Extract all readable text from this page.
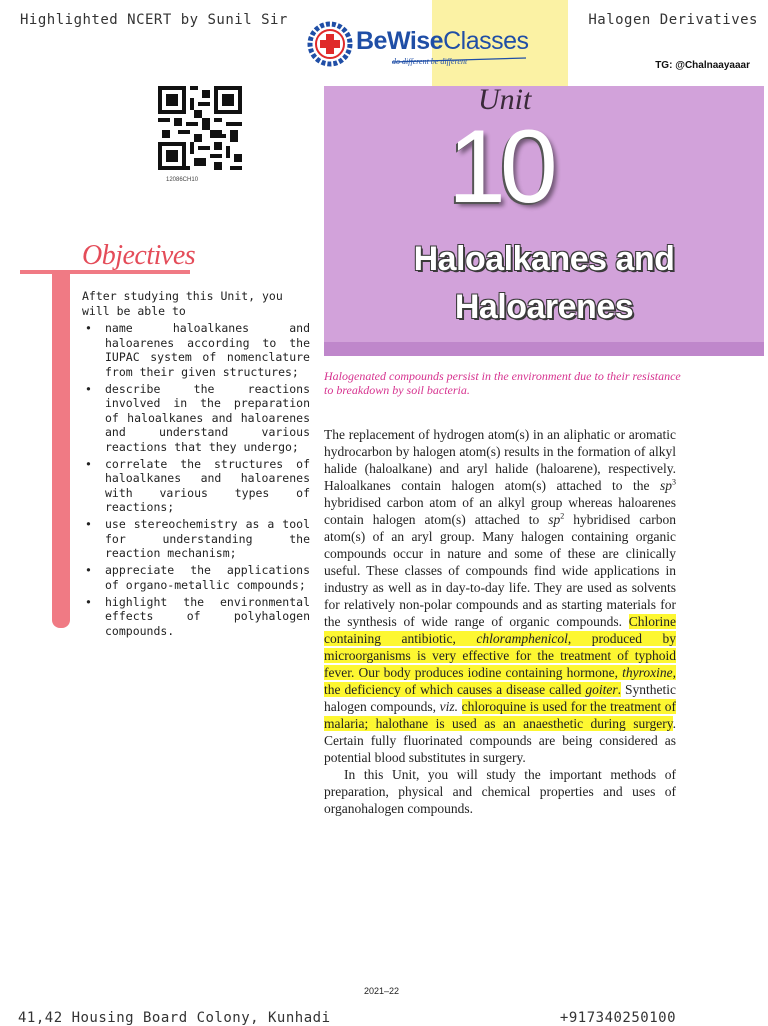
Highlighted NCERT by Sunil Sir	Halogen Derivatives
BeWiseClasses
do different be different	TG: @Chalnaayaaar
12086CH10
Unit
10
Haloalkanes and
Haloarenes
Objectives
After studying this Unit, you will be able to
• name haloalkanes and haloarenes according to the IUPAC system of nomenclature from their given structures;
• describe the reactions involved in the preparation of haloalkanes and haloarenes and understand various reactions that they undergo;
• correlate the structures of haloalkanes and haloarenes with various types of reactions;
• use stereochemistry as a tool for understanding the reaction mechanism;
• appreciate the applications of organo-metallic compounds;
• highlight the environmental effects of polyhalogen compounds.
Halogenated compounds persist in the environment due to their resistance to breakdown by soil bacteria.

The replacement of hydrogen atom(s) in an aliphatic or aromatic hydrocarbon by halogen atom(s) results in the formation of alkyl halide (haloalkane) and aryl halide (haloarene), respectively. Haloalkanes contain halogen atom(s) attached to the $sp^3$ hybridised carbon atom of an alkyl group whereas haloarenes contain halogen atom(s) attached to $sp^2$ hybridised carbon atom(s) of an aryl group. Many halogen containing organic compounds occur in nature and some of these are clinically useful. These classes of compounds find wide applications in industry as well as in day-to-day life. They are used as solvents for relatively non-polar compounds and as starting materials for the synthesis of wide range of organic compounds. Chlorine containing antibiotic, chloramphenicol, produced by microorganisms is very effective for the treatment of typhoid fever. Our body produces iodine containing hormone, thyroxine, the deficiency of which causes a disease called goiter. Synthetic halogen compounds, viz. chloroquine is used for the treatment of malaria; halothane is used as an anaesthetic during surgery. Certain fully fluorinated compounds are being considered as potential blood substitutes in surgery.

In this Unit, you will study the important methods of preparation, physical and chemical properties and uses of organohalogen compounds.

2021–22
41,42 Housing Board Colony, Kunhadi	+917340250100
